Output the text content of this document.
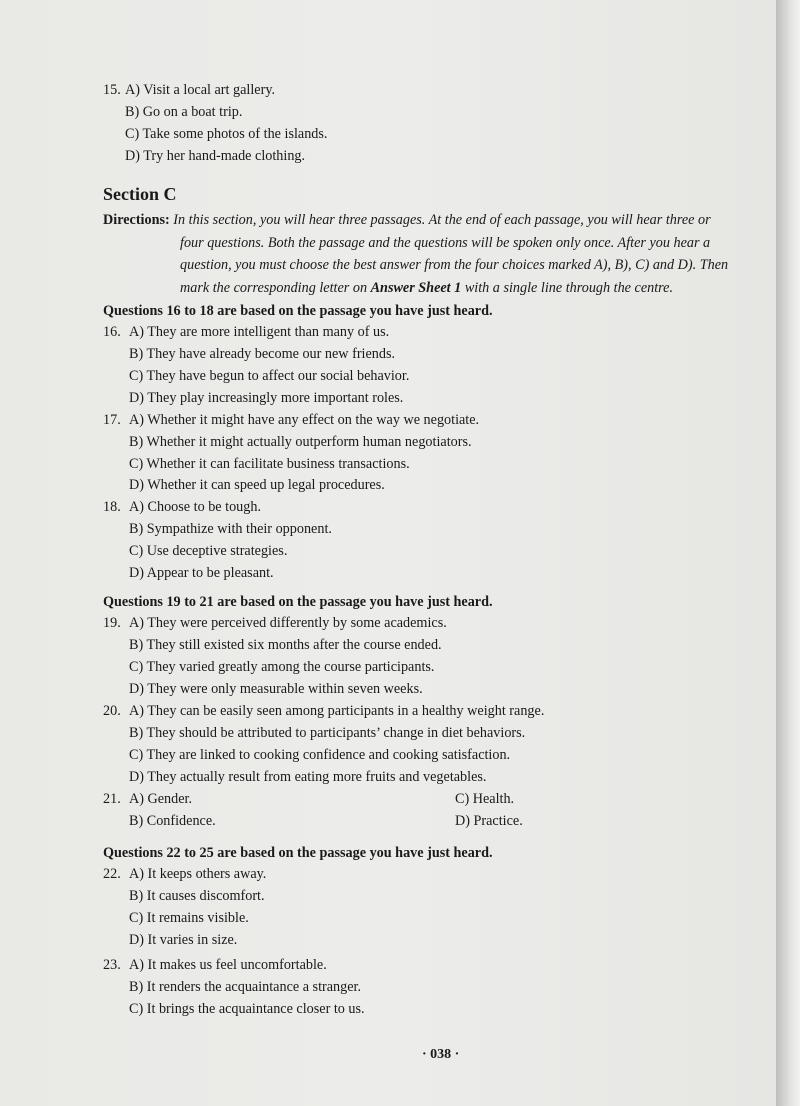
15. A) Visit a local art gallery.
B) Go on a boat trip.
C) Take some photos of the islands.
D) Try her hand-made clothing.
Section C
Directions: In this section, you will hear three passages. At the end of each passage, you will hear three or
four questions. Both the passage and the questions will be spoken only once. After you hear a
question, you must choose the best answer from the four choices marked A), B), C) and D). Then
mark the corresponding letter on Answer Sheet 1 with a single line through the centre.
Questions 16 to 18 are based on the passage you have just heard.
16. A) They are more intelligent than many of us.
B) They have already become our new friends.
C) They have begun to affect our social behavior.
D) They play increasingly more important roles.
17. A) Whether it might have any effect on the way we negotiate.
B) Whether it might actually outperform human negotiators.
C) Whether it can facilitate business transactions.
D) Whether it can speed up legal procedures.
18. A) Choose to be tough.
B) Sympathize with their opponent.
C) Use deceptive strategies.
D) Appear to be pleasant.
Questions 19 to 21 are based on the passage you have just heard.
19. A) They were perceived differently by some academics.
B) They still existed six months after the course ended.
C) They varied greatly among the course participants.
D) They were only measurable within seven weeks.
20. A) They can be easily seen among participants in a healthy weight range.
B) They should be attributed to participants’ change in diet behaviors.
C) They are linked to cooking confidence and cooking satisfaction.
D) They actually result from eating more fruits and vegetables.
21. A) Gender.	C) Health.
B) Confidence.	D) Practice.
Questions 22 to 25 are based on the passage you have just heard.
22. A) It keeps others away.
B) It causes discomfort.
C) It remains visible.
D) It varies in size.
23. A) It makes us feel uncomfortable.
B) It renders the acquaintance a stranger.
C) It brings the acquaintance closer to us.
· 038 ·
